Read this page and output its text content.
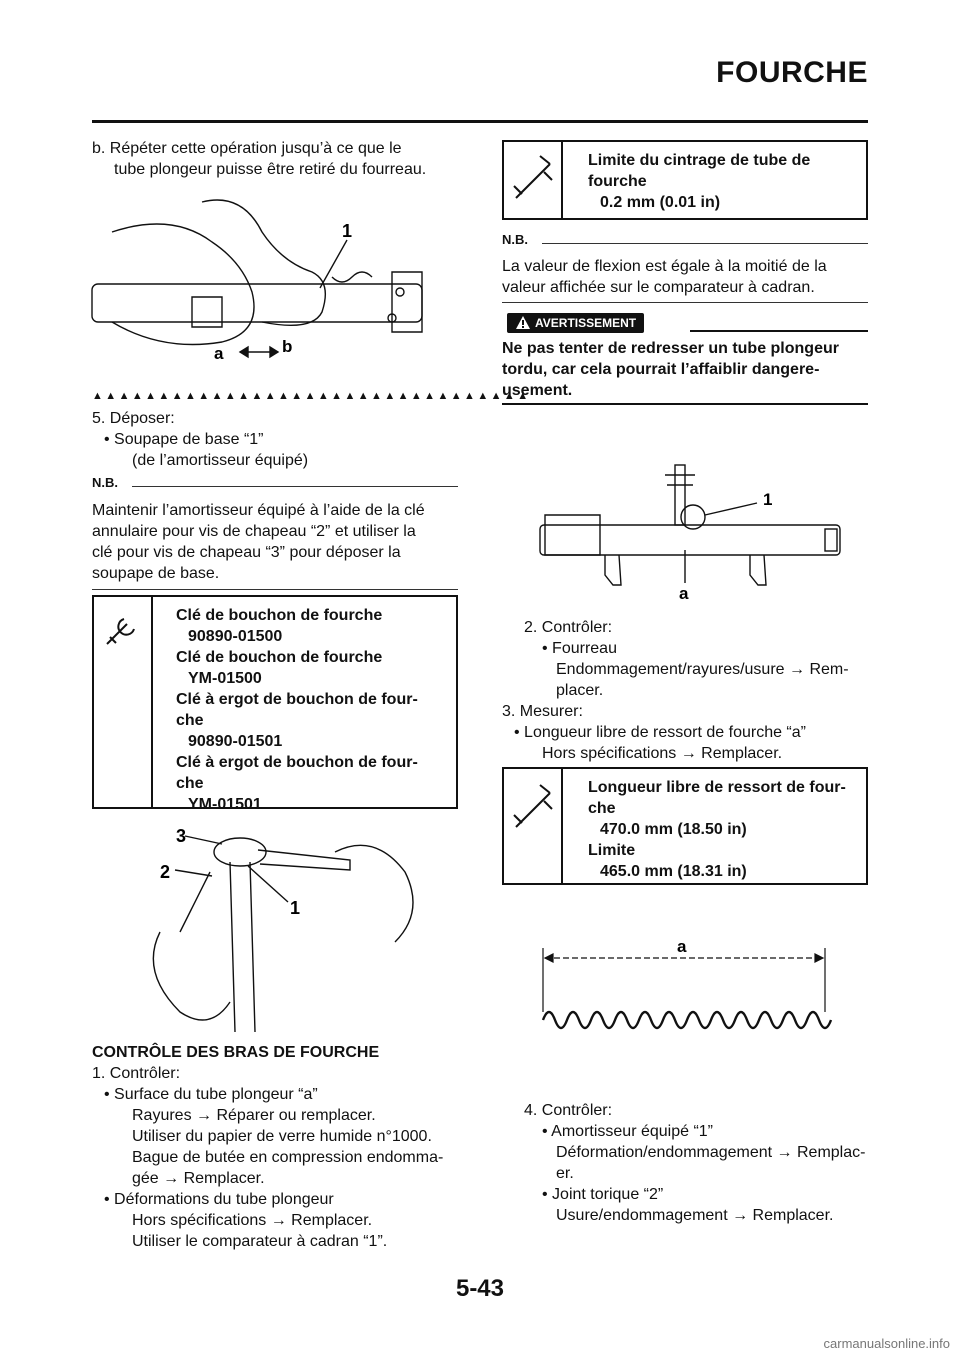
FOURCHE
b. Répéter cette opération jusqu’à ce que le
tube plongeur puisse être retiré du fourreau.
1
a	b
▲▲▲▲▲▲▲▲▲▲▲▲▲▲▲▲▲▲▲▲▲▲▲▲▲▲▲▲▲▲▲▲▲
5. Déposer:
• Soupape de base “1”
(de l’amortisseur équipé)
N.B.
Maintenir l’amortisseur équipé à l’aide de la clé
annulaire pour vis de chapeau “2” et utiliser la
clé pour vis de chapeau “3” pour déposer la
soupape de base.
Clé de bouchon de fourche
90890-01500
Clé de bouchon de fourche
YM-01500
Clé à ergot de bouchon de four-
che
90890-01501
Clé à ergot de bouchon de four-
che
YM-01501
3
2
1
CONTRÔLE DES BRAS DE FOURCHE
1. Contrôler:
• Surface du tube plongeur “a”
Rayures → Réparer ou remplacer.
Utiliser du papier de verre humide n°1000.
Bague de butée en compression endomma-
gée → Remplacer.
• Déformations du tube plongeur
Hors spécifications → Remplacer.
Utiliser le comparateur à cadran “1”.
Limite du cintrage de tube de
fourche
0.2 mm (0.01 in)
N.B.
La valeur de flexion est égale à la moitié de la
valeur affichée sur le comparateur à cadran.
AVERTISSEMENT
Ne pas tenter de redresser un tube plongeur
tordu, car cela pourrait l’affaiblir dangere-
usement.
1
a
2. Contrôler:
• Fourreau
Endommagement/rayures/usure → Rem-
placer.
3. Mesurer:
• Longueur libre de ressort de fourche “a”
Hors spécifications → Remplacer.
Longueur libre de ressort de four-
che
470.0 mm (18.50 in)
Limite
465.0 mm (18.31 in)
a
4. Contrôler:
• Amortisseur équipé “1”
Déformation/endommagement → Remplac-
er.
• Joint torique “2”
Usure/endommagement → Remplacer.
5-43
carmanualsonline.info
